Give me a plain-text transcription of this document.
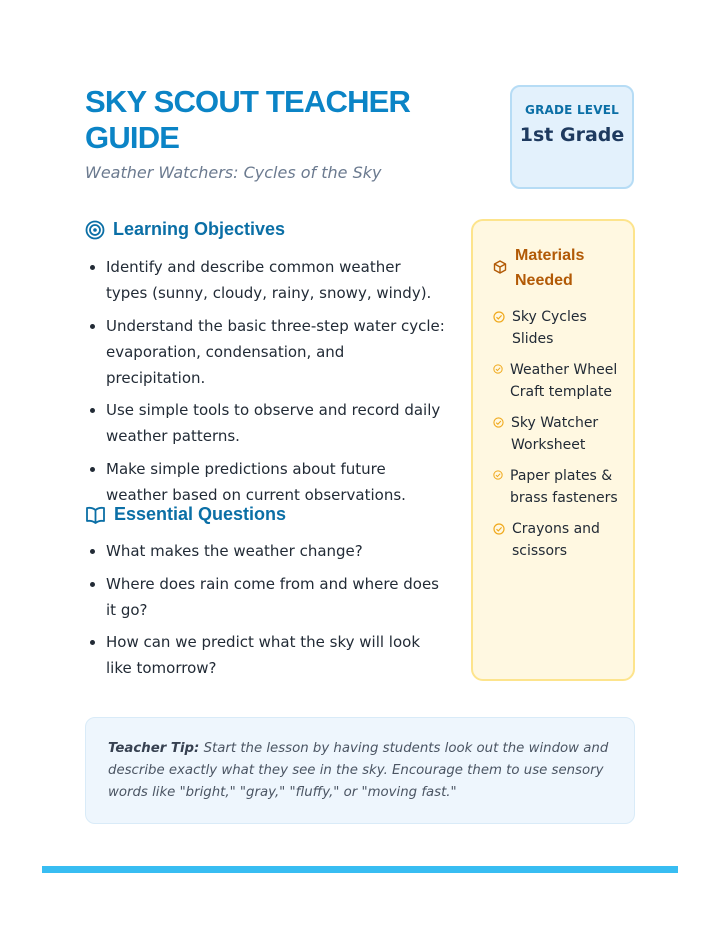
SKY SCOUT TEACHER GUIDE
Weather Watchers: Cycles of the Sky
GRADE LEVEL
1st Grade
Learning Objectives
Identify and describe common weather types (sunny, cloudy, rainy, snowy, windy).
Understand the basic three-step water cycle: evaporation, condensation, and precipitation.
Use simple tools to observe and record daily weather patterns.
Make simple predictions about future weather based on current observations.
Essential Questions
What makes the weather change?
Where does rain come from and where does it go?
How can we predict what the sky will look like tomorrow?
Materials Needed
Sky Cycles Slides
Weather Wheel Craft template
Sky Watcher Worksheet
Paper plates & brass fasteners
Crayons and scissors
Teacher Tip: Start the lesson by having students look out the window and describe exactly what they see in the sky. Encourage them to use sensory words like "bright," "gray," "fluffy," or "moving fast."
